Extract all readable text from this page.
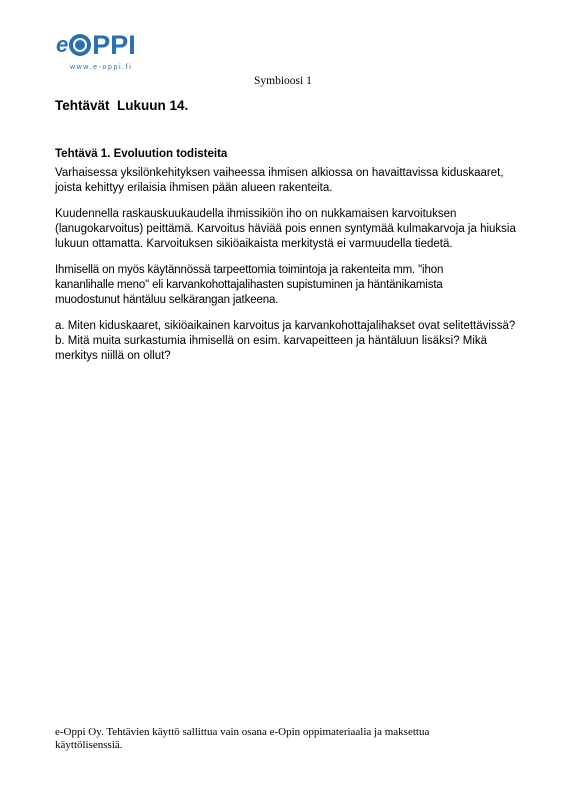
e PPI
www.e-oppi.fi
Symbioosi 1
Tehtävät  Lukuun 14.

Tehtävä 1. Evoluution todisteita

Varhaisessa yksilönkehityksen vaiheessa ihmisen alkiossa on havaittavissa kiduskaaret,
joista kehittyy erilaisia ihmisen pään alueen rakenteita.

Kuudennella raskauskuukaudella ihmissikiön iho on nukkamaisen karvoituksen
(lanugokarvoitus) peittämä. Karvoitus häviää pois ennen syntymää kulmakarvoja ja hiuksia
lukuun ottamatta. Karvoituksen sikiöaikaista merkitystä ei varmuudella tiedetä.

Ihmisellä on myös käytännössä tarpeettomia toimintoja ja rakenteita mm. "ihon
kananlihalle meno" eli karvankohottajalihasten supistuminen ja häntänikamista
muodostunut häntäluu selkärangan jatkeena.

a. Miten kiduskaaret, sikiöaikainen karvoitus ja karvankohottajalihakset ovat selitettävissä?
b. Mitä muita surkastumia ihmisellä on esim. karvapeitteen ja häntäluun lisäksi? Mikä
merkitys niillä on ollut?

e-Oppi Oy. Tehtävien käyttö sallittua vain osana e-Opin oppimateriaalia ja maksettua
käyttölisenssiä.
